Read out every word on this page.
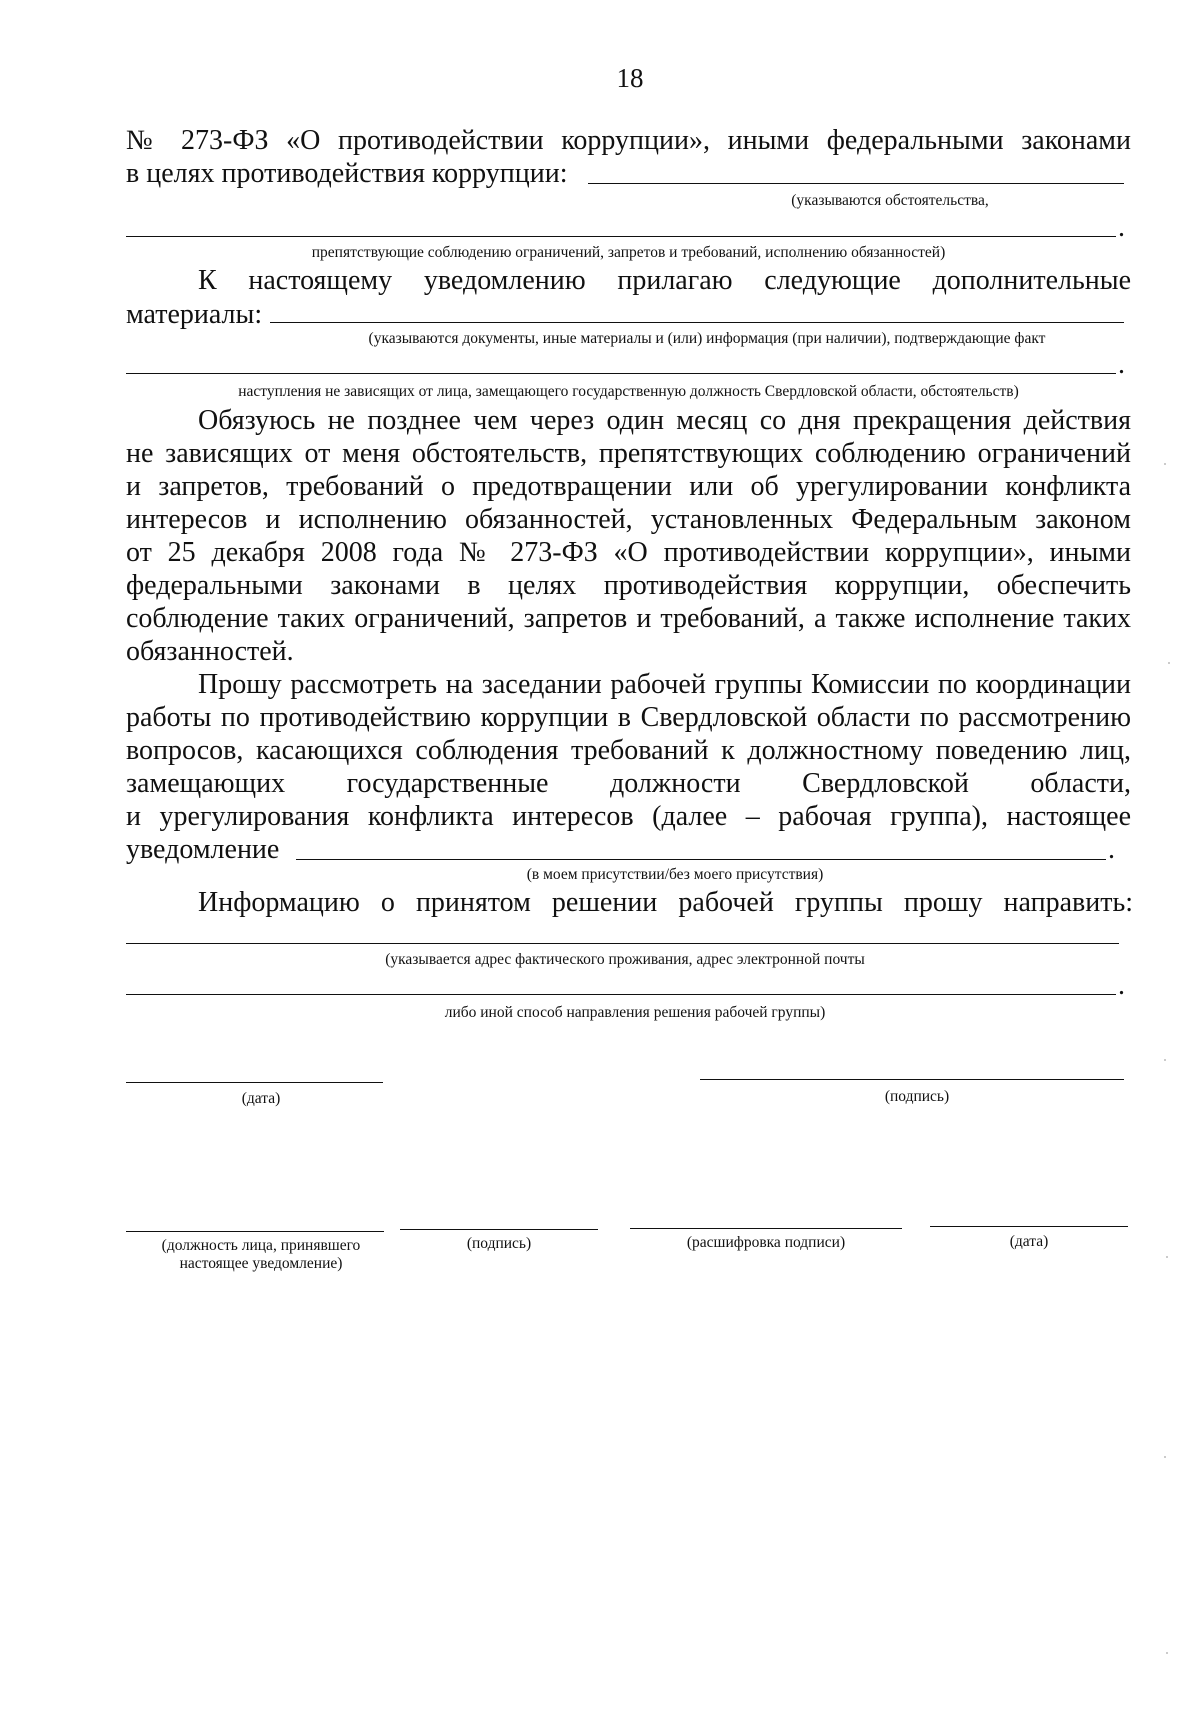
18
№ 273-ФЗ «О противодействии коррупции», иными федеральными законами
в целях противодействия коррупции:
(указываются обстоятельства,
.
препятствующие соблюдению ограничений, запретов и требований, исполнению обязанностей)
К настоящему уведомлению прилагаю следующие дополнительные
материалы:
(указываются документы, иные материалы и (или) информация (при наличии), подтверждающие факт
.
наступления не зависящих от лица, замещающего государственную должность Свердловской области, обстоятельств)
Обязуюсь не позднее чем через один месяц со дня прекращения действия
не зависящих от меня обстоятельств, препятствующих соблюдению ограничений
и запретов, требований о предотвращении или об урегулировании конфликта
интересов и исполнению обязанностей, установленных Федеральным законом
от 25 декабря 2008 года № 273-ФЗ «О противодействии коррупции», иными
федеральными законами в целях противодействия коррупции, обеспечить
соблюдение таких ограничений, запретов и требований, а также исполнение таких
обязанностей.
Прошу рассмотреть на заседании рабочей группы Комиссии по координации
работы по противодействию коррупции в Свердловской области по рассмотрению
вопросов, касающихся соблюдения требований к должностному поведению лиц,
замещающих государственные должности Свердловской области,
и урегулирования конфликта интересов (далее – рабочая группа), настоящее
уведомление	.
(в моем присутствии/без моего присутствия)
Информацию о принятом решении рабочей группы прошу направить:
(указывается адрес фактического проживания, адрес электронной почты
.
либо иной способ направления решения рабочей группы)
(дата)	(подпись)
(должность лица, принявшего
настоящее уведомление)
(подпись)	(расшифровка подписи)	(дата)
